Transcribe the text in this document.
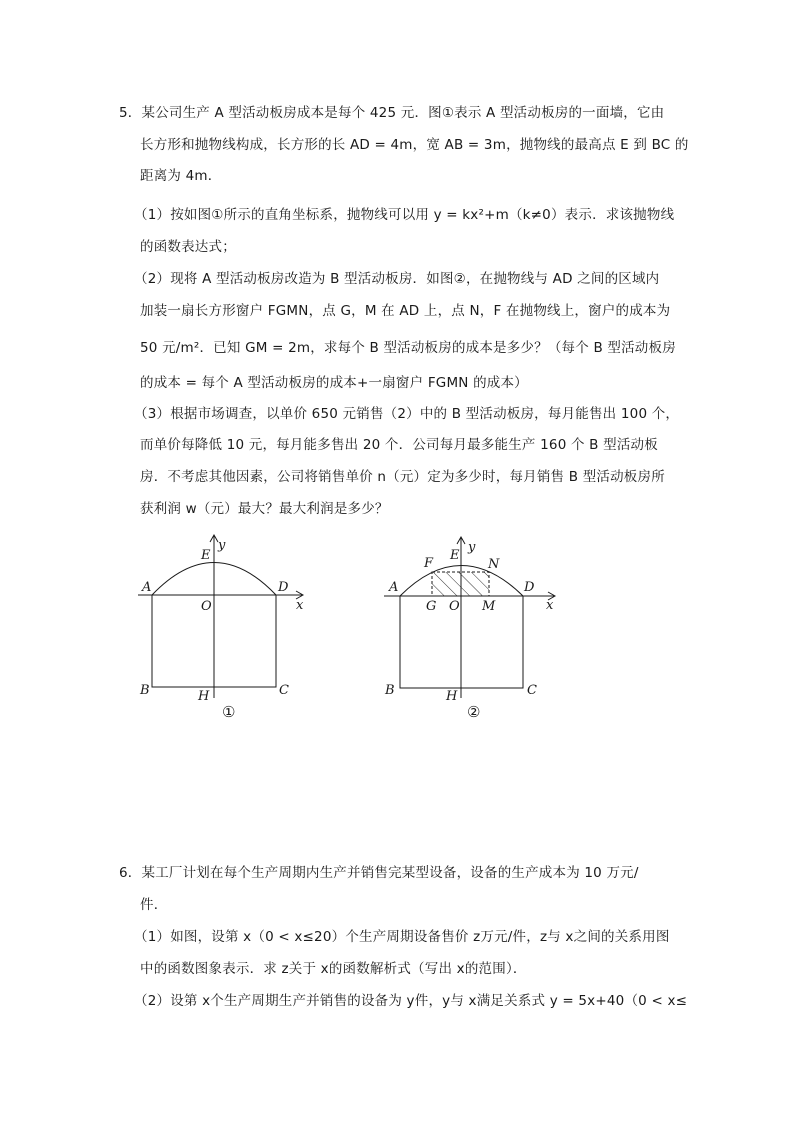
5．某公司生产 A 型活动板房成本是每个 425 元．图①表示 A 型活动板房的一面墙，它由
长方形和抛物线构成，长方形的长 AD = 4m，宽 AB = 3m，抛物线的最高点 E 到 BC 的
距离为 4m．
（1）按如图①所示的直角坐标系，抛物线可以用 y = kx²+m（k≠0）表示．求该抛物线
的函数表达式；
（2）现将 A 型活动板房改造为 B 型活动板房．如图②，在抛物线与 AD 之间的区域内
加装一扇长方形窗户 FGMN，点 G，M 在 AD 上，点 N，F 在抛物线上，窗户的成本为
50 元/m²．已知 GM = 2m，求每个 B 型活动板房的成本是多少？（每个 B 型活动板房
的成本 = 每个 A 型活动板房的成本+一扇窗户 FGMN 的成本）
（3）根据市场调查，以单价 650 元销售（2）中的 B 型活动板房，每月能售出 100 个，
而单价每降低 10 元，每月能多售出 20 个．公司每月最多能生产 160 个 B 型活动板
房．不考虑其他因素，公司将销售单价 n（元）定为多少时，每月销售 B 型活动板房所
获利润 w（元）最大？最大利润是多少？
y
x
E
A	D
O
B	H	C
①
y
x
E
F	N
A	D
G O M
B	H	C
②
6．某工厂计划在每个生产周期内生产并销售完某型设备，设备的生产成本为 10 万元/
件．
（1）如图，设第 x（0 < x≤20）个生产周期设备售价 z万元/件，z与 x之间的关系用图
中的函数图象表示．求 z关于 x的函数解析式（写出 x的范围）．
（2）设第 x个生产周期生产并销售的设备为 y件，y与 x满足关系式 y = 5x+40（0 < x≤
